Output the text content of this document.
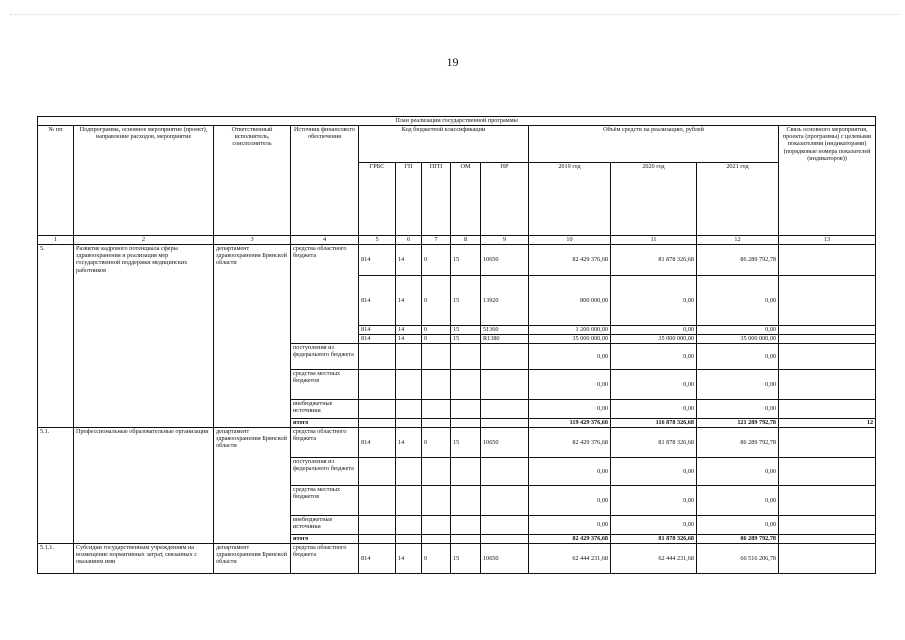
19
План реализации государственной программы												
№ пп	Подпрограмма, основное мероприятие (проект), направление расходов, мероприятие	Ответственный исполнитель, соисполнитель	Источник финансового обеспечения	Код бюджетной классификации					Объём средств на реализацию, рублей			Связь основного мероприятия, проекта (программы) с целевыми показателями (индикаторами) (порядковые номера показателей (индикаторов))
				ГРБС	ГП	ПГП	ОМ	НР	2019 год	2020 год	2021 год	
1	2	3	4	5	6	7	8	9	10	11	12	13
5.	Развитие кадрового потенциала сферы здравоохранения и реализация мер государственной поддержки медицинских работников	департамент здравоохранения Брянской области	средства областного бюджета	814	14	0	15	10650	82 429 376,68	81 878 326,68	86 289 792,78	
				814	14	0	15	13920	800 000,00	0,00	0,00	
				814	14	0	15	51360	1 200 000,00	0,00	0,00	
				814	14	0	15	R1380	35 000 000,00	35 000 000,00	35 000 000,00	
			поступления из федерального бюджета						0,00	0,00	0,00	
			средства местных бюджетов						0,00	0,00	0,00	
			внебюджетные источники						0,00	0,00	0,00	
			итого						119 429 376,68	116 878 326,68	121 289 792,78	12
5.1.	Профессиональные образовательные организации	департамент здравоохранения Брянской области	средства областного бюджета	814	14	0	15	10650	82 429 376,68	81 878 326,68	86 289 792,78	
			поступления из федерального бюджета						0,00	0,00	0,00	
			средства местных бюджетов						0,00	0,00	0,00	
			внебюджетные источники						0,00	0,00	0,00	
			итого						82 429 376,68	81 878 326,68	86 289 792,78	
5.1.1.	Субсидии государственным учреждениям на возмещение нормативных затрат, связанных с оказанием ими	департамент здравоохранения Брянской области	средства областного бюджета	814	14	0	15	10650	62 444 231,68	62 444 231,68	66 516 206,78	
